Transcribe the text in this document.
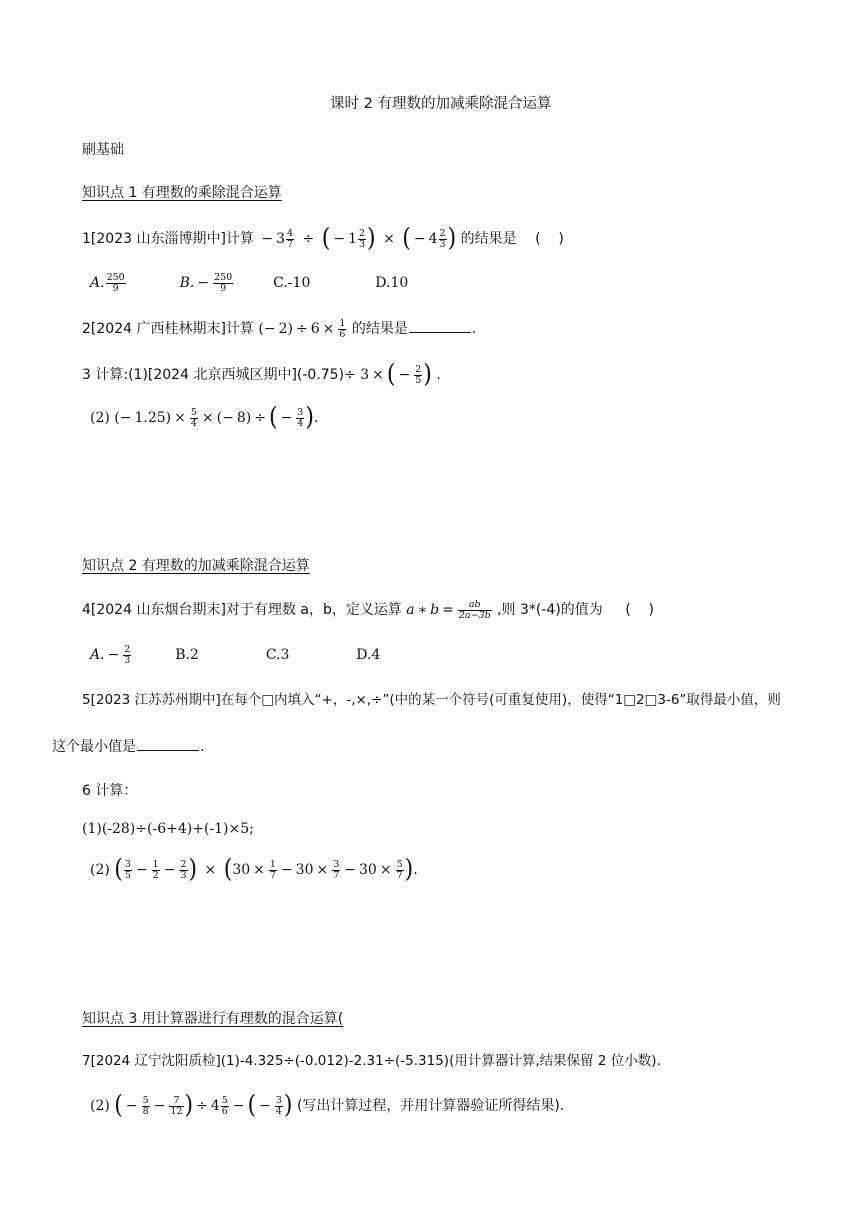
课时 2 有理数的加减乘除混合运算
刷基础
知识点 1 有理数的乘除混合运算
1[2023 山东淄博期中]计算 − $3 \frac{4}{7}$ ÷ ( − $1 \frac{2}{3}$ ) × ( − $4 \frac{2}{3}$ ) 的结果是 (    )
A. $\frac{250}{9}$	B. − $\frac{250}{9}$	C.-10	D.10
2[2024 广西桂林期末]计算 (− $2) \div 6 \times \frac{1}{6}$ 的结果是	.
3 计算:(1)[2024 北京西城区期中](-0.75)÷ 3 × ( − $\frac{2}{5}$ ) .
(2) (− $1.25) \times \frac{5}{4}$ × (− 8) ÷ ( − $\frac{3}{4}$ ).
知识点 2 有理数的加减乘除混合运算
4[2024 山东烟台期末]对于有理数 a，b，定义运算 a ∗ $b = \frac{ab}{2a-3b}$ ,则 3*(-4)的值为 (    )
A. − $\frac{2}{3}$	B.2	C.3	D.4
5[2023 江苏苏州期中]在每个□内填入“+，-,×,÷”(中的某一个符号(可重复使用)，使得“1□2□3-6”取得最小值，则
这个最小值是	.
6 计算：
(1)(-28)÷(-6+4)+(-1)×5;
(2) ( $\frac{3}{5} - \frac{1}{2} - \frac{2}{3}$ ) × ($30 \times \frac{1}{7} - 30 \times \frac{3}{7} - 30 \times \frac{5}{7}$ ).
知识点 3 用计算器进行有理数的混合运算(
7[2024 辽宁沈阳质检](1)-4.325÷(-0.012)-2.31÷(-5.315)(用计算器计算,结果保留 2 位小数).
(2) ( − $\frac{5}{8} - \frac{7}{12}$ ) ÷ $4 \frac{5}{6}$ − ( − $\frac{3}{4}$ ) (写出计算过程，并用计算器验证所得结果).
